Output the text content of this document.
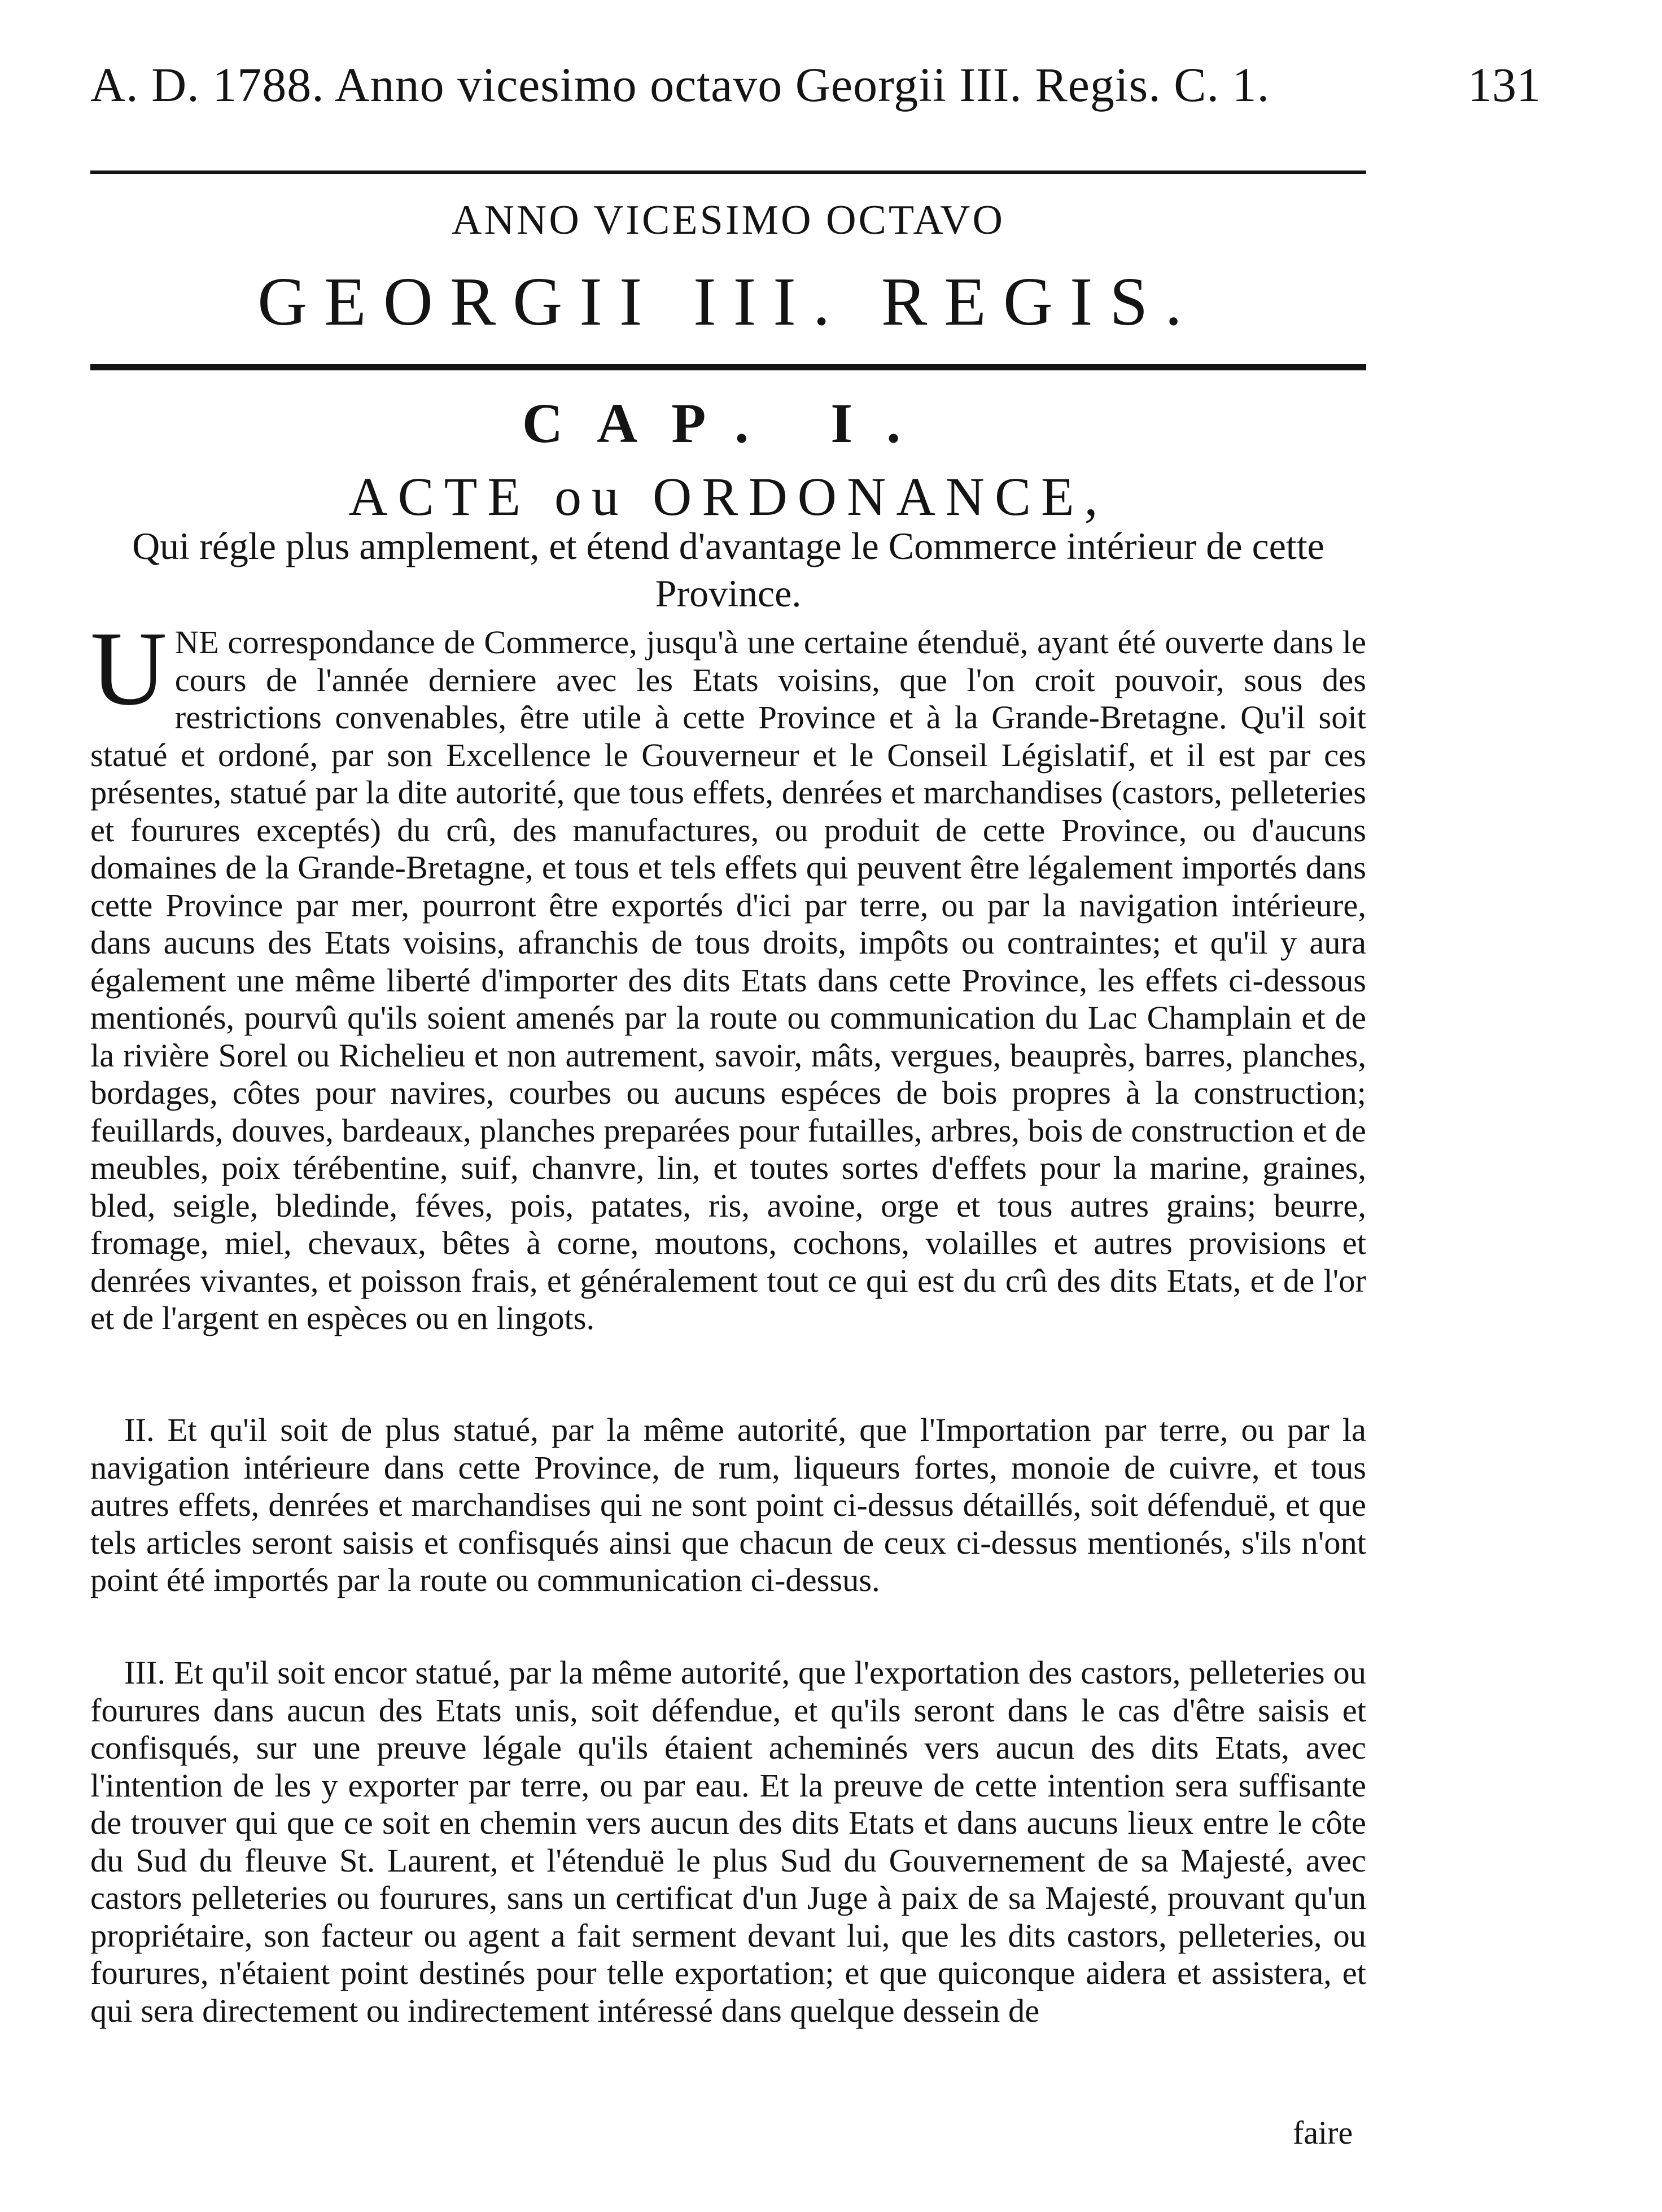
A. D. 1788. Anno vicesimo octavo Georgii III. Regis. C. 1.	131
ANNO VICESIMO OCTAVO
GEORGII III. REGIS.
CAP. I.
ACTE ou ORDONANCE,
Qui régle plus amplement, et étend d'avantage le Commerce intérieur de cette Province.
U NE correspondance de Commerce, jusqu'à une certaine étenduë, ayant été ouverte dans le cours de l'année derniere avec les Etats voisins, que l'on croit pouvoir, sous des restrictions convenables, être utile à cette Province et à la Grande-Bretagne. Qu'il soit statué et ordoné, par son Excellence le Gouverneur et le Conseil Législatif, et il est par ces présentes, statué par la dite autorité, que tous effets, denrées et marchandises (castors, pelleteries et fourures exceptés) du crû, des manufactures, ou produit de cette Province, ou d'aucuns domaines de la Grande-Bretagne, et tous et tels effets qui peuvent être légalement importés dans cette Province par mer, pourront être exportés d'ici par terre, ou par la navigation intérieure, dans aucuns des Etats voisins, afranchis de tous droits, impôts ou contraintes; et qu'il y aura également une même liberté d'importer des dits Etats dans cette Province, les effets ci-dessous mentionés, pourvû qu'ils soient amenés par la route ou communication du Lac Champlain et de la rivière Sorel ou Richelieu et non autrement, savoir, mâts, vergues, beauprès, barres, planches, bordages, côtes pour navires, courbes ou aucuns espéces de bois propres à la construction; feuillards, douves, bardeaux, planches preparées pour futailles, arbres, bois de construction et de meubles, poix térébentine, suif, chanvre, lin, et toutes sortes d'effets pour la marine, graines, bled, seigle, bledinde, féves, pois, patates, ris, avoine, orge et tous autres grains; beurre, fromage, miel, chevaux, bêtes à corne, moutons, cochons, volailles et autres provisions et denrées vivantes, et poisson frais, et généralement tout ce qui est du crû des dits Etats, et de l'or et de l'argent en espèces ou en lingots.
II. Et qu'il soit de plus statué, par la même autorité, que l'Importation par terre, ou par la navigation intérieure dans cette Province, de rum, liqueurs fortes, monoie de cuivre, et tous autres effets, denrées et marchandises qui ne sont point ci-dessus détaillés, soit défenduë, et que tels articles seront saisis et confisqués ainsi que chacun de ceux ci-dessus mentionés, s'ils n'ont point été importés par la route ou communication ci-dessus.
III. Et qu'il soit encor statué, par la même autorité, que l'exportation des castors, pelleteries ou fourures dans aucun des Etats unis, soit défendue, et qu'ils seront dans le cas d'être saisis et confisqués, sur une preuve légale qu'ils étaient acheminés vers aucun des dits Etats, avec l'intention de les y exporter par terre, ou par eau. Et la preuve de cette intention sera suffisante de trouver qui que ce soit en chemin vers aucun des dits Etats et dans aucuns lieux entre le côte du Sud du fleuve St. Laurent, et l'étenduë le plus Sud du Gouvernement de sa Majesté, avec castors pelleteries ou fourures, sans un certificat d'un Juge à paix de sa Majesté, prouvant qu'un propriétaire, son facteur ou agent a fait serment devant lui, que les dits castors, pelleteries, ou fourures, n'étaient point destinés pour telle exportation; et que quiconque aidera et assistera, et qui sera directement ou indirectement intéressé dans quelque dessein de
faire
